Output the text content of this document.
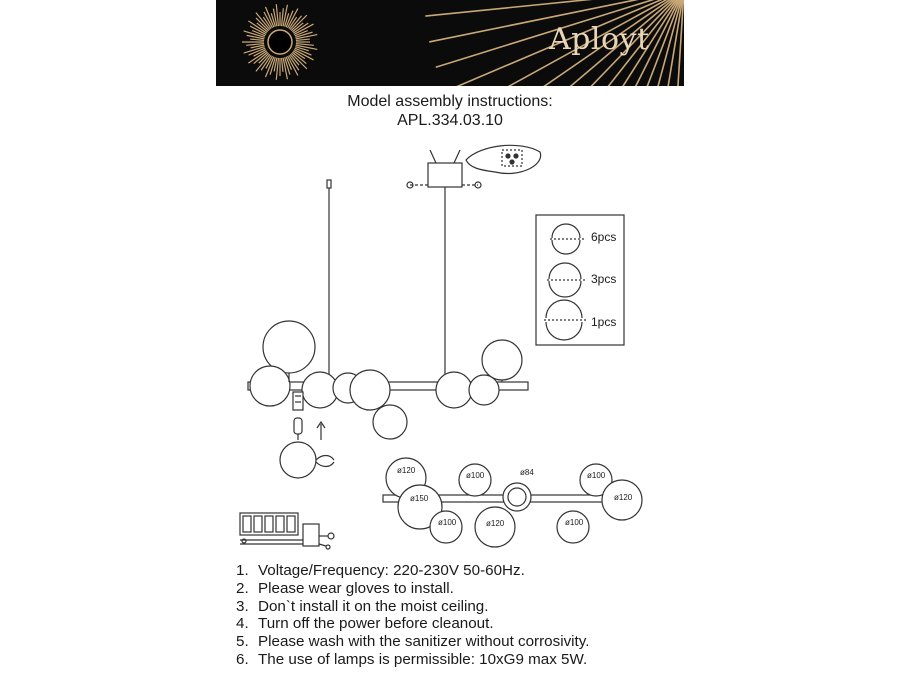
Aployt
Model assembly instructions:
APL.334.03.10
6pcs
3pcs
1pcs
ø120
ø100	ø84	ø100
ø150	ø120
ø100	ø120	ø100
1. Voltage/Frequency: 220-230V 50-60Hz.
2. Please wear gloves to install.
3. Don`t install it on the moist ceiling.
4. Turn off the power before cleanout.
5. Please wash with the sanitizer without corrosivity.
6. The use of lamps is permissible: 10xG9 max 5W.
